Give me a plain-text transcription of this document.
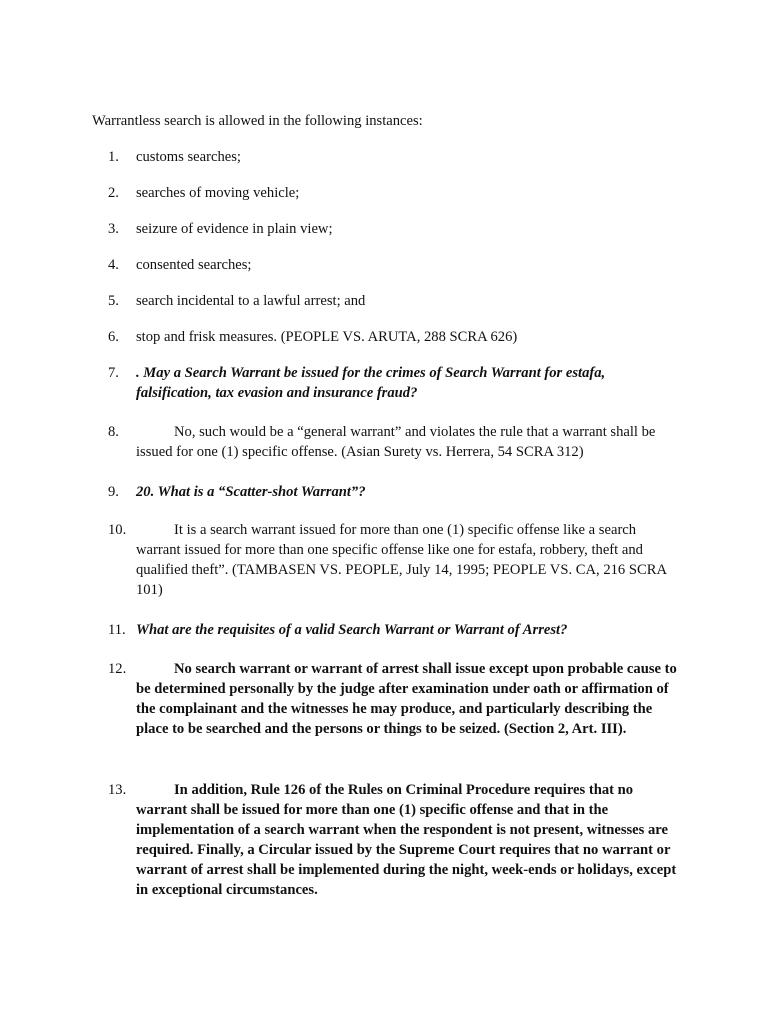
Warrantless search is allowed in the following instances:

1.	customs searches;

2.	searches of moving vehicle;

3.	seizure of evidence in plain view;

4.	consented searches;

5.	search incidental to a lawful arrest; and

6.	stop and frisk measures. (PEOPLE VS. ARUTA, 288 SCRA 626)

7.	. May a Search Warrant be issued for the crimes of Search Warrant for estafa, falsification, tax evasion and insurance fraud?

8.	No, such would be a “general warrant” and violates the rule that a warrant shall be issued for one (1) specific offense. (Asian Surety vs. Herrera, 54 SCRA 312)

9.	20. What is a “Scatter-shot Warrant”?

10.	It is a search warrant issued for more than one (1) specific offense like a search warrant issued for more than one specific offense like one for estafa, robbery, theft and qualified theft”. (TAMBASEN VS. PEOPLE, July 14, 1995; PEOPLE VS. CA, 216 SCRA 101)

11. What are the requisites of a valid Search Warrant or Warrant of Arrest?

12.	No search warrant or warrant of arrest shall issue except upon probable cause to be determined personally by the judge after examination under oath or affirmation of the complainant and the witnesses he may produce, and particularly describing the place to be searched and the persons or things to be seized. (Section 2, Art. III).

13.	In addition, Rule 126 of the Rules on Criminal Procedure requires that no warrant shall be issued for more than one (1) specific offense and that in the implementation of a search warrant when the respondent is not present, witnesses are required. Finally, a Circular issued by the Supreme Court requires that no warrant or warrant of arrest shall be implemented during the night, week-ends or holidays, except in exceptional circumstances.
